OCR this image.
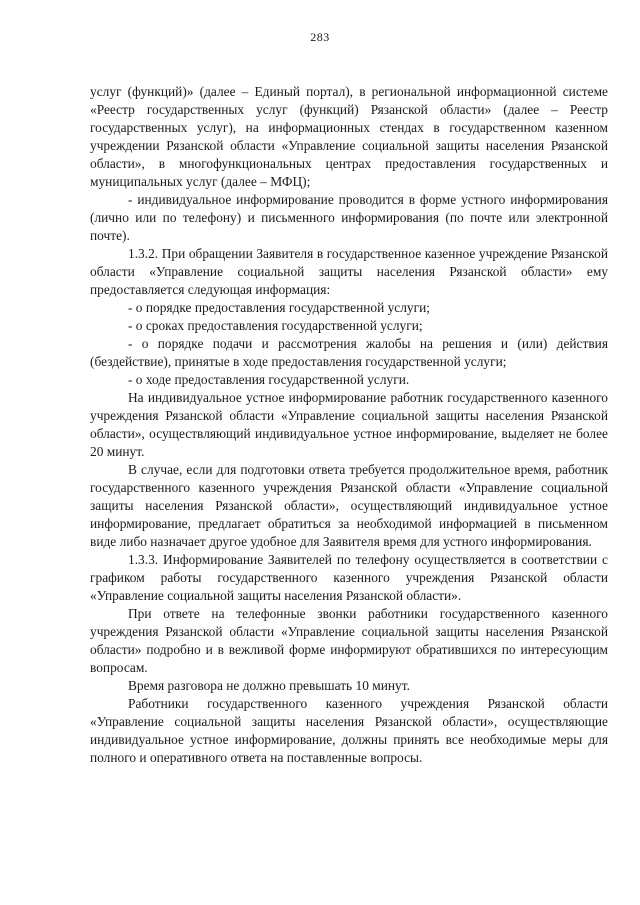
283

услуг (функций)» (далее – Единый портал), в региональной информационной системе «Реестр государственных услуг (функций) Рязанской области» (далее – Реестр государственных услуг), на информационных стендах в государственном казенном учреждении Рязанской области «Управление социальной защиты населения Рязанской области», в многофункциональных центрах предоставления государственных и муниципальных услуг (далее – МФЦ);

- индивидуальное информирование проводится в форме устного информирования (лично или по телефону) и письменного информирования (по почте или электронной почте).

1.3.2. При обращении Заявителя в государственное казенное учреждение Рязанской области «Управление социальной защиты населения Рязанской области» ему предоставляется следующая информация:

- о порядке предоставления государственной услуги;

- о сроках предоставления государственной услуги;

- о порядке подачи и рассмотрения жалобы на решения и (или) действия (бездействие), принятые в ходе предоставления государственной услуги;

- о ходе предоставления государственной услуги.

На индивидуальное устное информирование работник государственного казенного учреждения Рязанской области «Управление социальной защиты населения Рязанской области», осуществляющий индивидуальное устное информирование, выделяет не более 20 минут.

В случае, если для подготовки ответа требуется продолжительное время, работник государственного казенного учреждения Рязанской области «Управление социальной защиты населения Рязанской области», осуществляющий индивидуальное устное информирование, предлагает обратиться за необходимой информацией в письменном виде либо назначает другое удобное для Заявителя время для устного информирования.

1.3.3. Информирование Заявителей по телефону осуществляется в соответствии с графиком работы государственного казенного учреждения Рязанской области «Управление социальной защиты населения Рязанской области».

При ответе на телефонные звонки работники государственного казенного учреждения Рязанской области «Управление социальной защиты населения Рязанской области» подробно и в вежливой форме информируют обратившихся по интересующим вопросам.

Время разговора не должно превышать 10 минут.

Работники государственного казенного учреждения Рязанской области «Управление социальной защиты населения Рязанской области», осуществляющие индивидуальное устное информирование, должны принять все необходимые меры для полного и оперативного ответа на поставленные вопросы.
